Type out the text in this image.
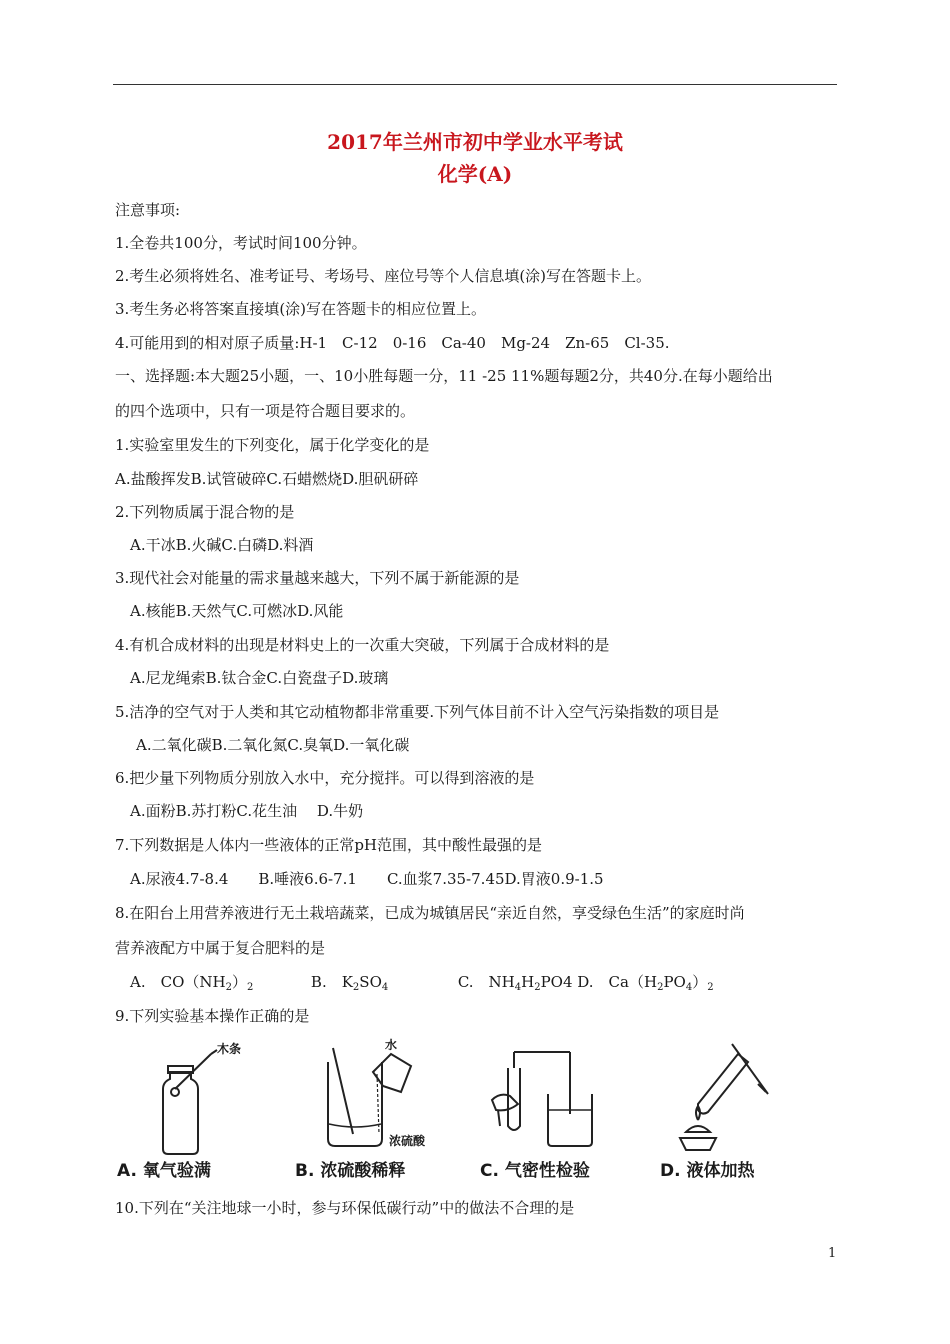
2017年兰州市初中学业水平考试
化学(A)
注意事项:
1.全卷共100分，考试时间100分钟。
2.考生必须将姓名、准考证号、考场号、座位号等个人信息填(涂)写在答题卡上。
3.考生务必将答案直接填(涂)写在答题卡的相应位置上。
4.可能用到的相对原子质量:H-1　C-12　0-16　Ca-40　Mg-24　Zn-65　Cl-35.
一、选择题:本大题25小题，一、10小胜每题一分，11 -25 11%题每题2分，共40分.在每小题给出
的四个选项中，只有一项是符合题目要求的。
1.实验室里发生的下列变化，属于化学变化的是
A.盐酸挥发B.试管破碎C.石蜡燃烧D.胆矾研碎
2.下列物质属于混合物的是
A.干冰B.火碱C.白磷D.料酒
3.现代社会对能量的需求量越来越大，下列不属于新能源的是
A.核能B.天然气C.可燃冰D.风能
4.有机合成材料的出现是材料史上的一次重大突破，下列属于合成材料的是
A.尼龙绳索B.钛合金C.白瓷盘子D.玻璃
5.洁净的空气对于人类和其它动植物都非常重要.下列气体目前不计入空气污染指数的项目是
A.二氧化碳B.二氧化氮C.臭氧D.一氧化碳
6.把少量下列物质分别放入水中，充分搅拌。可以得到溶液的是
A.面粉B.苏打粉C.花生油　 D.牛奶
7.下列数据是人体内一些液体的正常pH范围，其中酸性最强的是
A.尿液4.7-8.4　　B.唾液6.6-7.1　　C.血浆7.35-7.45D.胃液0.9-1.5
8.在阳台上用营养液进行无土栽培蔬菜，已成为城镇居民“亲近自然，享受绿色生活”的家庭时尚
营养液配方中属于复合肥料的是
A.　$CO(NH_2)_2$	B.　$K_2SO_4$	C.　$NH_4H_2PO4$ D.　$Ca(H_2PO_4)_2$
9.下列实验基本操作正确的是
木条
A. 氧气验满
水
浓硫酸
B. 浓硫酸稀释	C. 气密性检验	D. 液体加热
10.下列在“关注地球一小时，参与环保低碳行动”中的做法不合理的是
1
